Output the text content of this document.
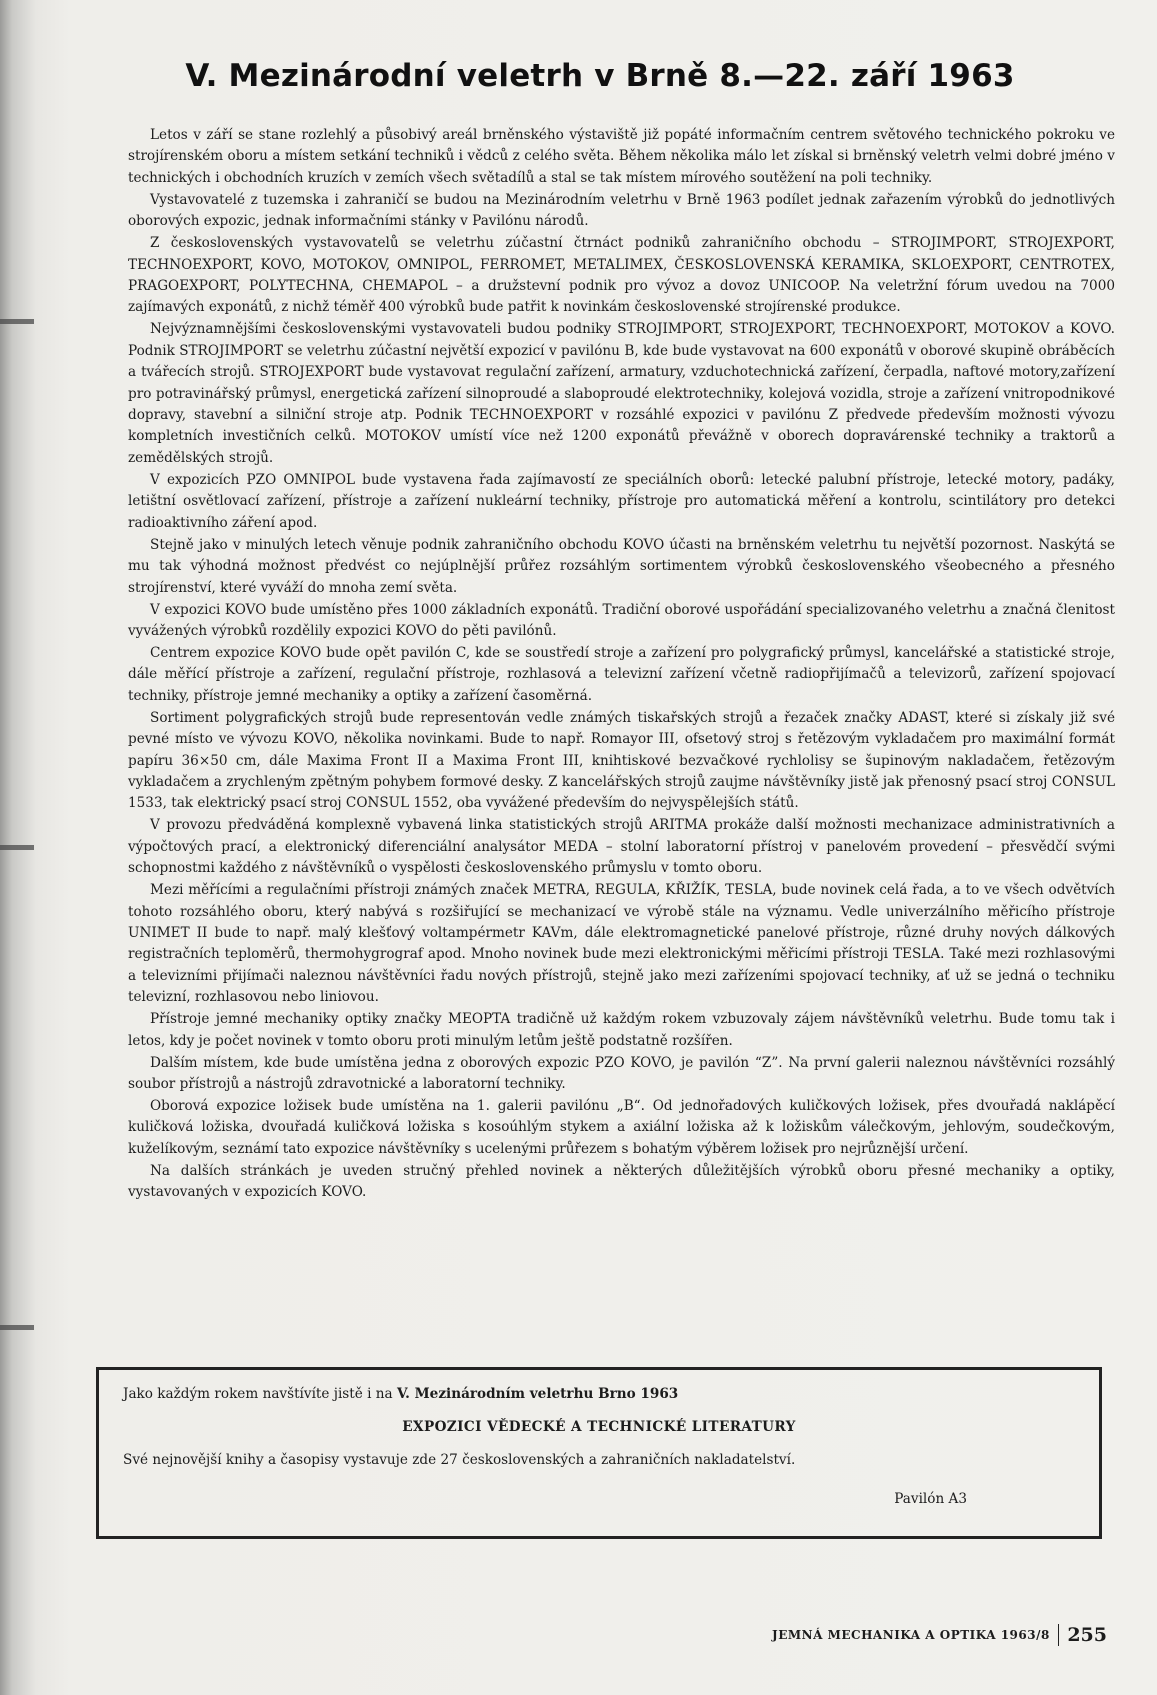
V. Mezinárodní veletrh v Brně 8.—22. září 1963

Letos v září se stane rozlehlý a působivý areál brněnského výstaviště již popáté informačním centrem světového technického pokroku ve strojírenském oboru a místem setkání techniků i vědců z celého světa. Během několika málo let získal si brněnský veletrh velmi dobré jméno v technických i obchodních kruzích v zemích všech světadílů a stal se tak místem mírového soutěžení na poli techniky.

Vystavovatelé z tuzemska i zahraničí se budou na Mezinárodním veletrhu v Brně 1963 podílet jednak zařazením výrobků do jednotlivých oborových expozic, jednak informačními stánky v Pavilónu národů.

Z československých vystavovatelů se veletrhu zúčastní čtrnáct podniků zahraničního obchodu – STROJIMPORT, STROJEXPORT, TECHNOEXPORT, KOVO, MOTOKOV, OMNIPOL, FERROMET, METALIMEX, ČESKOSLOVENSKÁ KERAMIKA, SKLOEXPORT, CENTROTEX, PRAGOEXPORT, POLYTECHNA, CHEMAPOL – a družstevní podnik pro vývoz a dovoz UNICOOP. Na veletržní fórum uvedou na 7000 zajímavých exponátů, z nichž téměř 400 výrobků bude patřit k novinkám československé strojírenské produkce.

Nejvýznamnějšími československými vystavovateli budou podniky STROJIMPORT, STROJEXPORT, TECHNOEXPORT, MOTOKOV a KOVO. Podnik STROJIMPORT se veletrhu zúčastní největší expozicí v pavilónu B, kde bude vystavovat na 600 exponátů v oborové skupině obráběcích a tvářecích strojů. STROJEXPORT bude vystavovat regulační zařízení, armatury, vzduchotechnická zařízení, čerpadla, naftové motory,zařízení pro potravinářský průmysl, energetická zařízení silnoproudé a slaboproudé elektrotechniky, kolejová vozidla, stroje a zařízení vnitropodnikové dopravy, stavební a silniční stroje atp. Podnik TECHNOEXPORT v rozsáhlé expozici v pavilónu Z předvede především možnosti vývozu kompletních investičních celků. MOTOKOV umístí více než 1200 exponátů převážně v oborech dopravárenské techniky a traktorů a zemědělských strojů.

V expozicích PZO OMNIPOL bude vystavena řada zajímavostí ze speciálních oborů: letecké palubní přístroje, letecké motory, padáky, letištní osvětlovací zařízení, přístroje a zařízení nukleární techniky, přístroje pro automatická měření a kontrolu, scintilátory pro detekci radioaktivního záření apod.

Stejně jako v minulých letech věnuje podnik zahraničního obchodu KOVO účasti na brněnském veletrhu tu největší pozornost. Naskýtá se mu tak výhodná možnost předvést co nejúplnější průřez rozsáhlým sortimentem výrobků československého všeobecného a přesného strojírenství, které vyváží do mnoha zemí světa.

V expozici KOVO bude umístěno přes 1000 základních exponátů. Tradiční oborové uspořádání specializovaného veletrhu a značná členitost vyvážených výrobků rozdělily expozici KOVO do pěti pavilónů.

Centrem expozice KOVO bude opět pavilón C, kde se soustředí stroje a zařízení pro polygrafický průmysl, kancelářské a statistické stroje, dále měřící přístroje a zařízení, regulační přístroje, rozhlasová a televizní zařízení včetně radiopřijímačů a televizorů, zařízení spojovací techniky, přístroje jemné mechaniky a optiky a zařízení časoměrná.

Sortiment polygrafických strojů bude representován vedle známých tiskařských strojů a řezaček značky ADAST, které si získaly již své pevné místo ve vývozu KOVO, několika novinkami. Bude to např. Romayor III, ofsetový stroj s řetězovým vykladačem pro maximální formát papíru 36×50 cm, dále Maxima Front II a Maxima Front III, knihtiskové bezvačkové rychlolisy se šupinovým nakladačem, řetězovým vykladačem a zrychleným zpětným pohybem formové desky. Z kancelářských strojů zaujme návštěvníky jistě jak přenosný psací stroj CONSUL 1533, tak elektrický psací stroj CONSUL 1552, oba vyvážené především do nejvyspělejších států.

V provozu předváděná komplexně vybavená linka statistických strojů ARITMA prokáže další možnosti mechanizace administrativních a výpočtových prací, a elektronický diferenciální analysátor MEDA – stolní laboratorní přístroj v panelovém provedení – přesvědčí svými schopnostmi každého z návštěvníků o vyspělosti československého průmyslu v tomto oboru.

Mezi měřícími a regulačními přístroji známých značek METRA, REGULA, KŘIŽÍK, TESLA, bude novinek celá řada, a to ve všech odvětvích tohoto rozsáhlého oboru, který nabývá s rozšiřující se mechanizací ve výrobě stále na významu. Vedle univerzálního měřicího přístroje UNIMET II bude to např. malý klešťový voltampérmetr KAVm, dále elektromagnetické panelové přístroje, různé druhy nových dálkových registračních teploměrů, thermohygrograf apod. Mnoho novinek bude mezi elektronickými měřicími přístroji TESLA. Také mezi rozhlasovými a televizními přijímači naleznou návštěvníci řadu nových přístrojů, stejně jako mezi zařízeními spojovací techniky, ať už se jedná o techniku televizní, rozhlasovou nebo liniovou.

Přístroje jemné mechaniky optiky značky MEOPTA tradičně už každým rokem vzbuzovaly zájem návštěvníků veletrhu. Bude tomu tak i letos, kdy je počet novinek v tomto oboru proti minulým letům ještě podstatně rozšířen.

Dalším místem, kde bude umístěna jedna z oborových expozic PZO KOVO, je pavilón “Z”. Na první galerii naleznou návštěvníci rozsáhlý soubor přístrojů a nástrojů zdravotnické a laboratorní techniky.

Oborová expozice ložisek bude umístěna na 1. galerii pavilónu „B“. Od jednořadových kuličkových ložisek, přes dvouřadá naklápěcí kuličková ložiska, dvouřadá kuličková ložiska s kosoúhlým stykem a axiální ložiska až k ložiskům válečkovým, jehlovým, soudečkovým, kuželíkovým, seznámí tato expozice návštěvníky s ucelenými průřezem s bohatým výběrem ložisek pro nejrůznější určení.

Na dalších stránkách je uveden stručný přehled novinek a některých důležitějších výrobků oboru přesné mechaniky a optiky, vystavovaných v expozicích KOVO.

Jako každým rokem navštívíte jistě i na V. Mezinárodním veletrhu Brno 1963
EXPOZICI VĚDECKÉ A TECHNICKÉ LITERATURY
Své nejnovější knihy a časopisy vystavuje zde 27 československých a zahraničních nakladatelství.
Pavilón A3
JEMNÁ MECHANIKA A OPTIKA 1963/8 255
